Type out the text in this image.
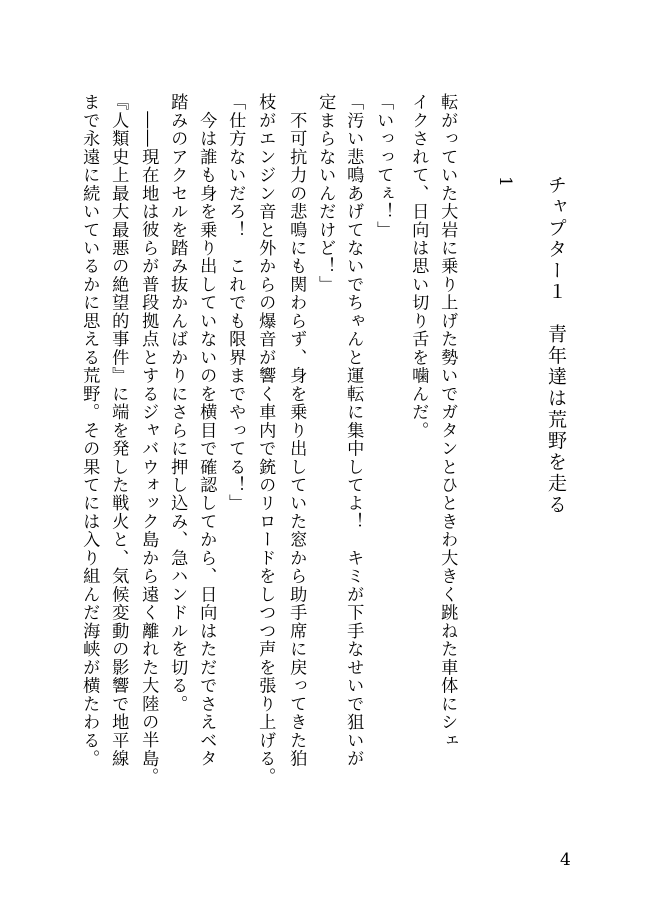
チャプター１　青年達は荒野を走る
1
転がっていた大岩に乗り上げた勢いでガタンとひときわ大きく跳ねた車体にシェ
イクされて、日向は思い切り舌を噛んだ。
「いっってぇ！」
「汚い悲鳴あげてないでちゃんと運転に集中してよ！　キミが下手なせいで狙いが
定まらないんだけど！」
　不可抗力の悲鳴にも関わらず、身を乗り出していた窓から助手席に戻ってきた狛
枝がエンジン音と外からの爆音が響く車内で銃のリロードをしつつ声を張り上げる。
「仕方ないだろ！　これでも限界までやってる！」
　今は誰も身を乗り出していないのを横目で確認してから、日向はただでさえベタ
踏みのアクセルを踏み抜かんばかりにさらに押し込み、急ハンドルを切る。
　――現在地は彼らが普段拠点とするジャバウォック島から遠く離れた大陸の半島。
『人類史上最大最悪の絶望的事件』に端を発した戦火と、気候変動の影響で地平線
まで永遠に続いているかに思える荒野。その果てには入り組んだ海峡が横たわる。
4
